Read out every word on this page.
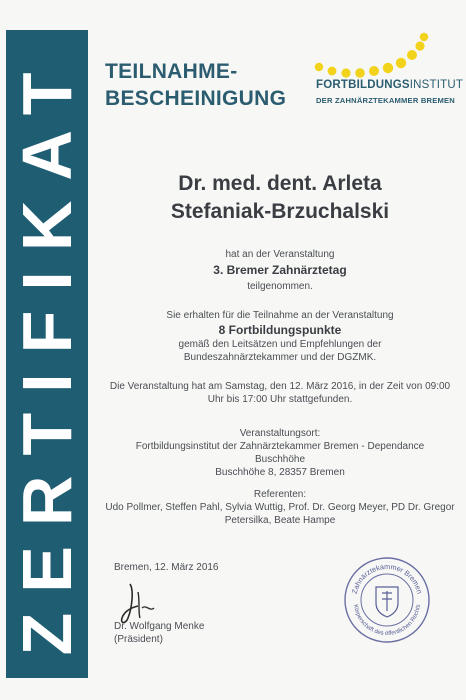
ZERTIFIKAT TEILNAHME-
BESCHEINIGUNG
FORTBILDUNGSINSTITUT
DER ZAHNÄRZTEKAMMER BREMEN
Dr. med. dent. Arleta
Stefaniak-Brzuchalski
hat an der Veranstaltung
3. Bremer Zahnärztetag
teilgenommen.
Sie erhalten für die Teilnahme an der Veranstaltung
8 Fortbildungspunkte
gemäß den Leitsätzen und Empfehlungen der
Bundeszahnärztekammer und der DGZMK.
Die Veranstaltung hat am Samstag, den 12. März 2016, in der Zeit von 09:00
Uhr bis 17:00 Uhr stattgefunden.
Veranstaltungsort:
Fortbildungsinstitut der Zahnärztekammer Bremen - Dependance
Buschhöhe
Buschhöhe 8, 28357 Bremen
Referenten:
Udo Pollmer, Steffen Pahl, Sylvia Wuttig, Prof. Dr. Georg Meyer, PD Dr. Gregor
Petersilka, Beate Hampe
Bremen, 12. März 2016
Dr. Wolfgang Menke
(Präsident)
Zahnärztekammer Bremen
Körperschaft des öffentlichen Rechts
